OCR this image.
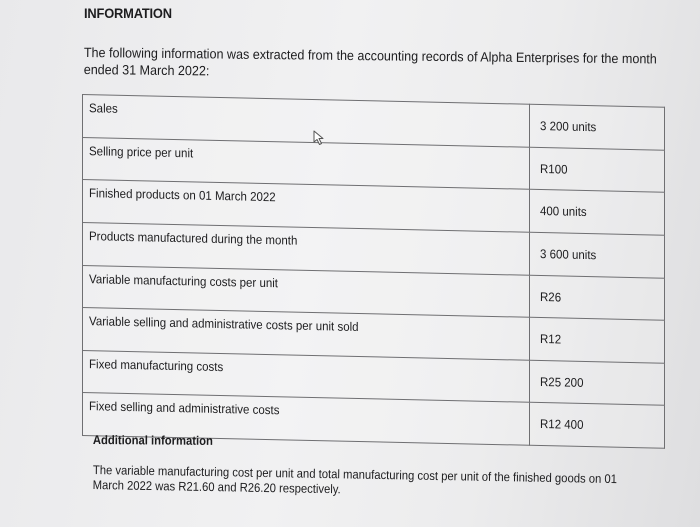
INFORMATION
The following information was extracted from the accounting records of Alpha Enterprises for the month ended 31 March 2022:
Sales	3 200 units
Selling price per unit	R100
Finished products on 01 March 2022	400 units
Products manufactured during the month	3 600 units
Variable manufacturing costs per unit	R26
Variable selling and administrative costs per unit sold	R12
Fixed manufacturing costs	R25 200
Fixed selling and administrative costs	R12 400
Additional information
The variable manufacturing cost per unit and total manufacturing cost per unit of the finished goods on 01 March 2022 was R21.60 and R26.20 respectively.
